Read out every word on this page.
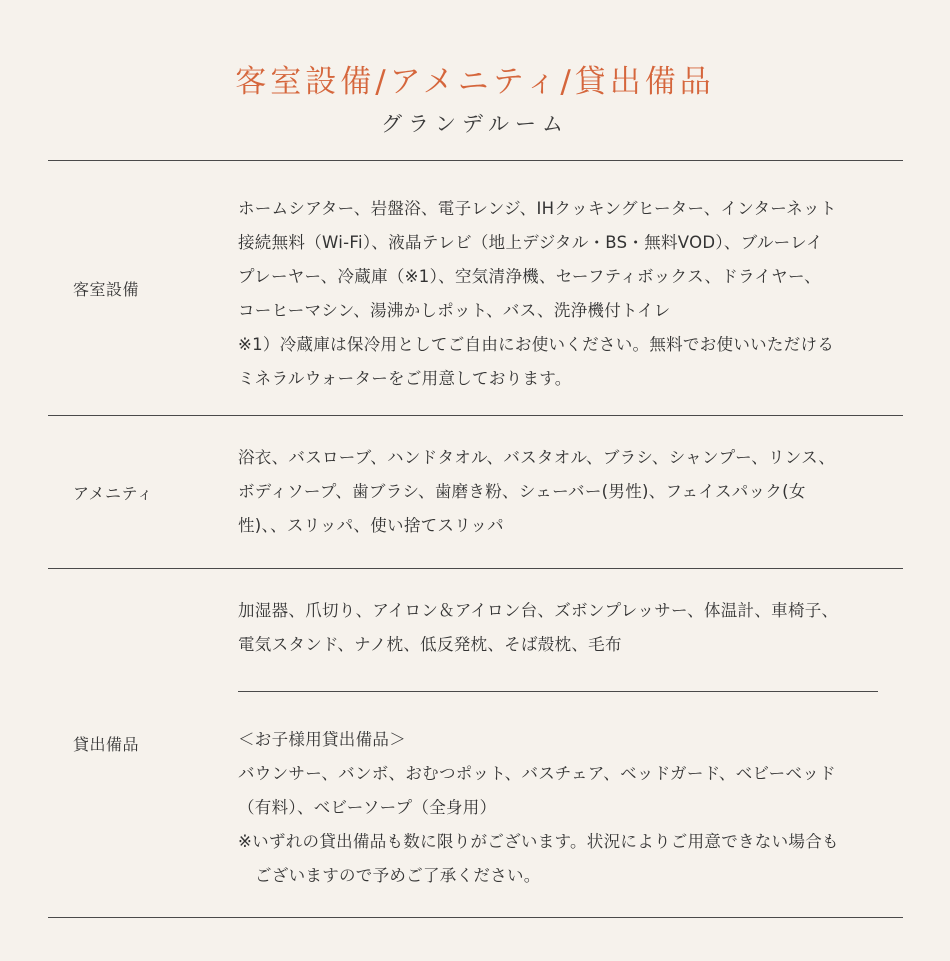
客室設備/アメニティ/貸出備品
グランデルーム
客室設備
ホームシアター、岩盤浴、電子レンジ、IHクッキングヒーター、インターネット
接続無料（Wi-Fi）、液晶テレビ（地上デジタル・BS・無料VOD）、ブルーレイ
プレーヤー、冷蔵庫（※1）、空気清浄機、セーフティボックス、ドライヤー、
コーヒーマシン、湯沸かしポット、バス、洗浄機付トイレ
※1）冷蔵庫は保冷用としてご自由にお使いください。無料でお使いいただける
ミネラルウォーターをご用意しております。
アメニティ
浴衣、バスローブ、ハンドタオル、バスタオル、ブラシ、シャンプー、リンス、
ボディソープ、歯ブラシ、歯磨き粉、シェーバー(男性)、フェイスパック(女
性)、、スリッパ、使い捨てスリッパ
貸出備品
加湿器、爪切り、アイロン＆アイロン台、ズボンプレッサー、体温計、車椅子、
電気スタンド、ナノ枕、低反発枕、そば殻枕、毛布
＜お子様用貸出備品＞
バウンサー、バンボ、おむつポット、バスチェア、ベッドガード、ベビーベッド
（有料）、ベビーソープ（全身用）
※いずれの貸出備品も数に限りがございます。状況によりご用意できない場合も
ございますので予めご了承ください。
